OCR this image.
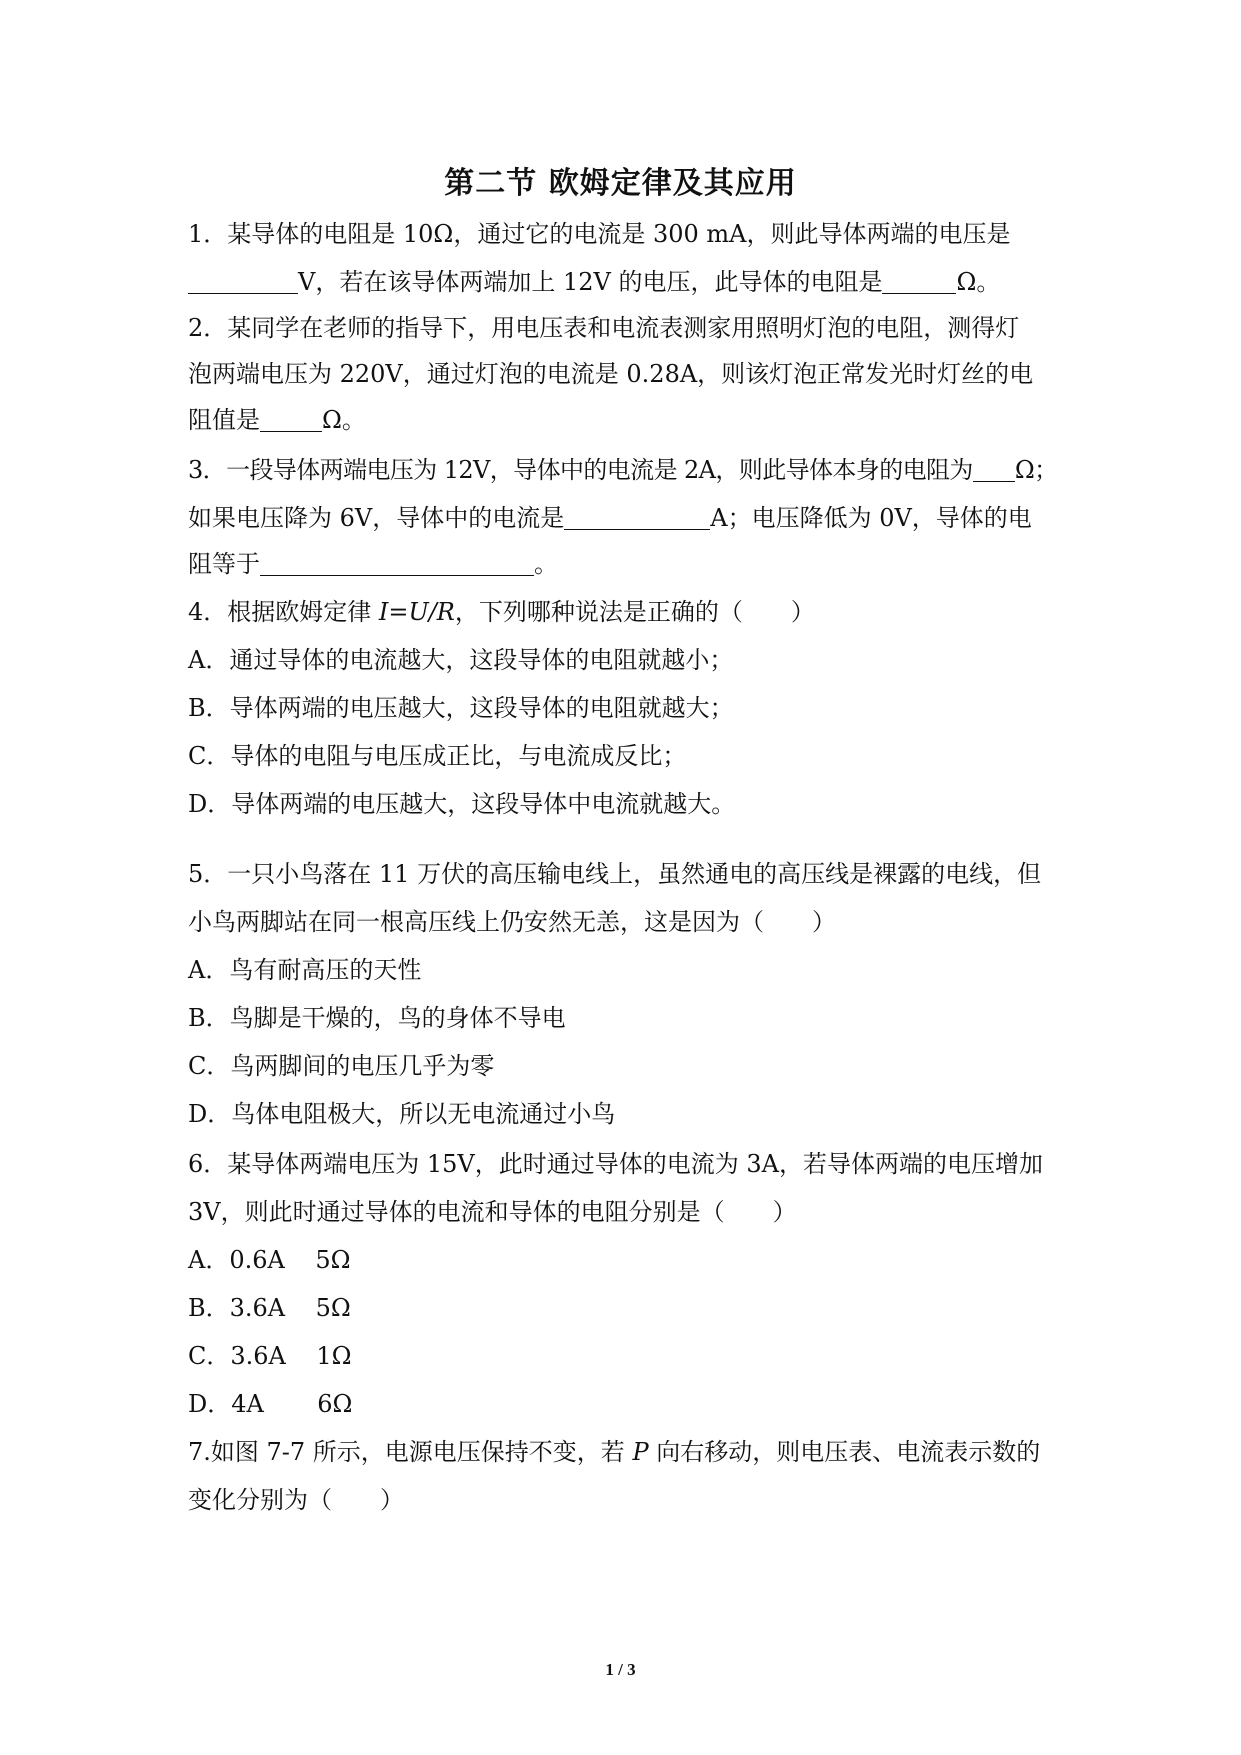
第二节 欧姆定律及其应用
1．某导体的电阻是 10Ω，通过它的电流是 300 mA，则此导体两端的电压是
V，若在该导体两端加上 12V 的电压，此导体的电阻是	Ω。
2．某同学在老师的指导下，用电压表和电流表测家用照明灯泡的电阻，测得灯
泡两端电压为 220V，通过灯泡的电流是 0.28A，则该灯泡正常发光时灯丝的电
阻值是	Ω。
3．一段导体两端电压为 12V，导体中的电流是 2A，则此导体本身的电阻为 Ω；
如果电压降为 6V，导体中的电流是	A；电压降低为 0V，导体的电
阻等于	。
4．根据欧姆定律 I=U/R，下列哪种说法是正确的（　　）
A．通过导体的电流越大，这段导体的电阻就越小；
B．导体两端的电压越大，这段导体的电阻就越大；
C．导体的电阻与电压成正比，与电流成反比；
D．导体两端的电压越大，这段导体中电流就越大。
5．一只小鸟落在 11 万伏的高压输电线上，虽然通电的高压线是裸露的电线，但
小鸟两脚站在同一根高压线上仍安然无恙，这是因为（　　）
A．鸟有耐高压的天性
B．鸟脚是干燥的，鸟的身体不导电
C．鸟两脚间的电压几乎为零
D．鸟体电阻极大，所以无电流通过小鸟
6．某导体两端电压为 15V，此时通过导体的电流为 3A，若导体两端的电压增加
3V，则此时通过导体的电流和导体的电阻分别是（　　）
A．0.6A    5Ω
B．3.6A    5Ω
C．3.6A    1Ω
D．4A       6Ω
7.如图 7-7 所示，电源电压保持不变，若 P 向右移动，则电压表、电流表示数的
变化分别为（　　）
1 / 3
